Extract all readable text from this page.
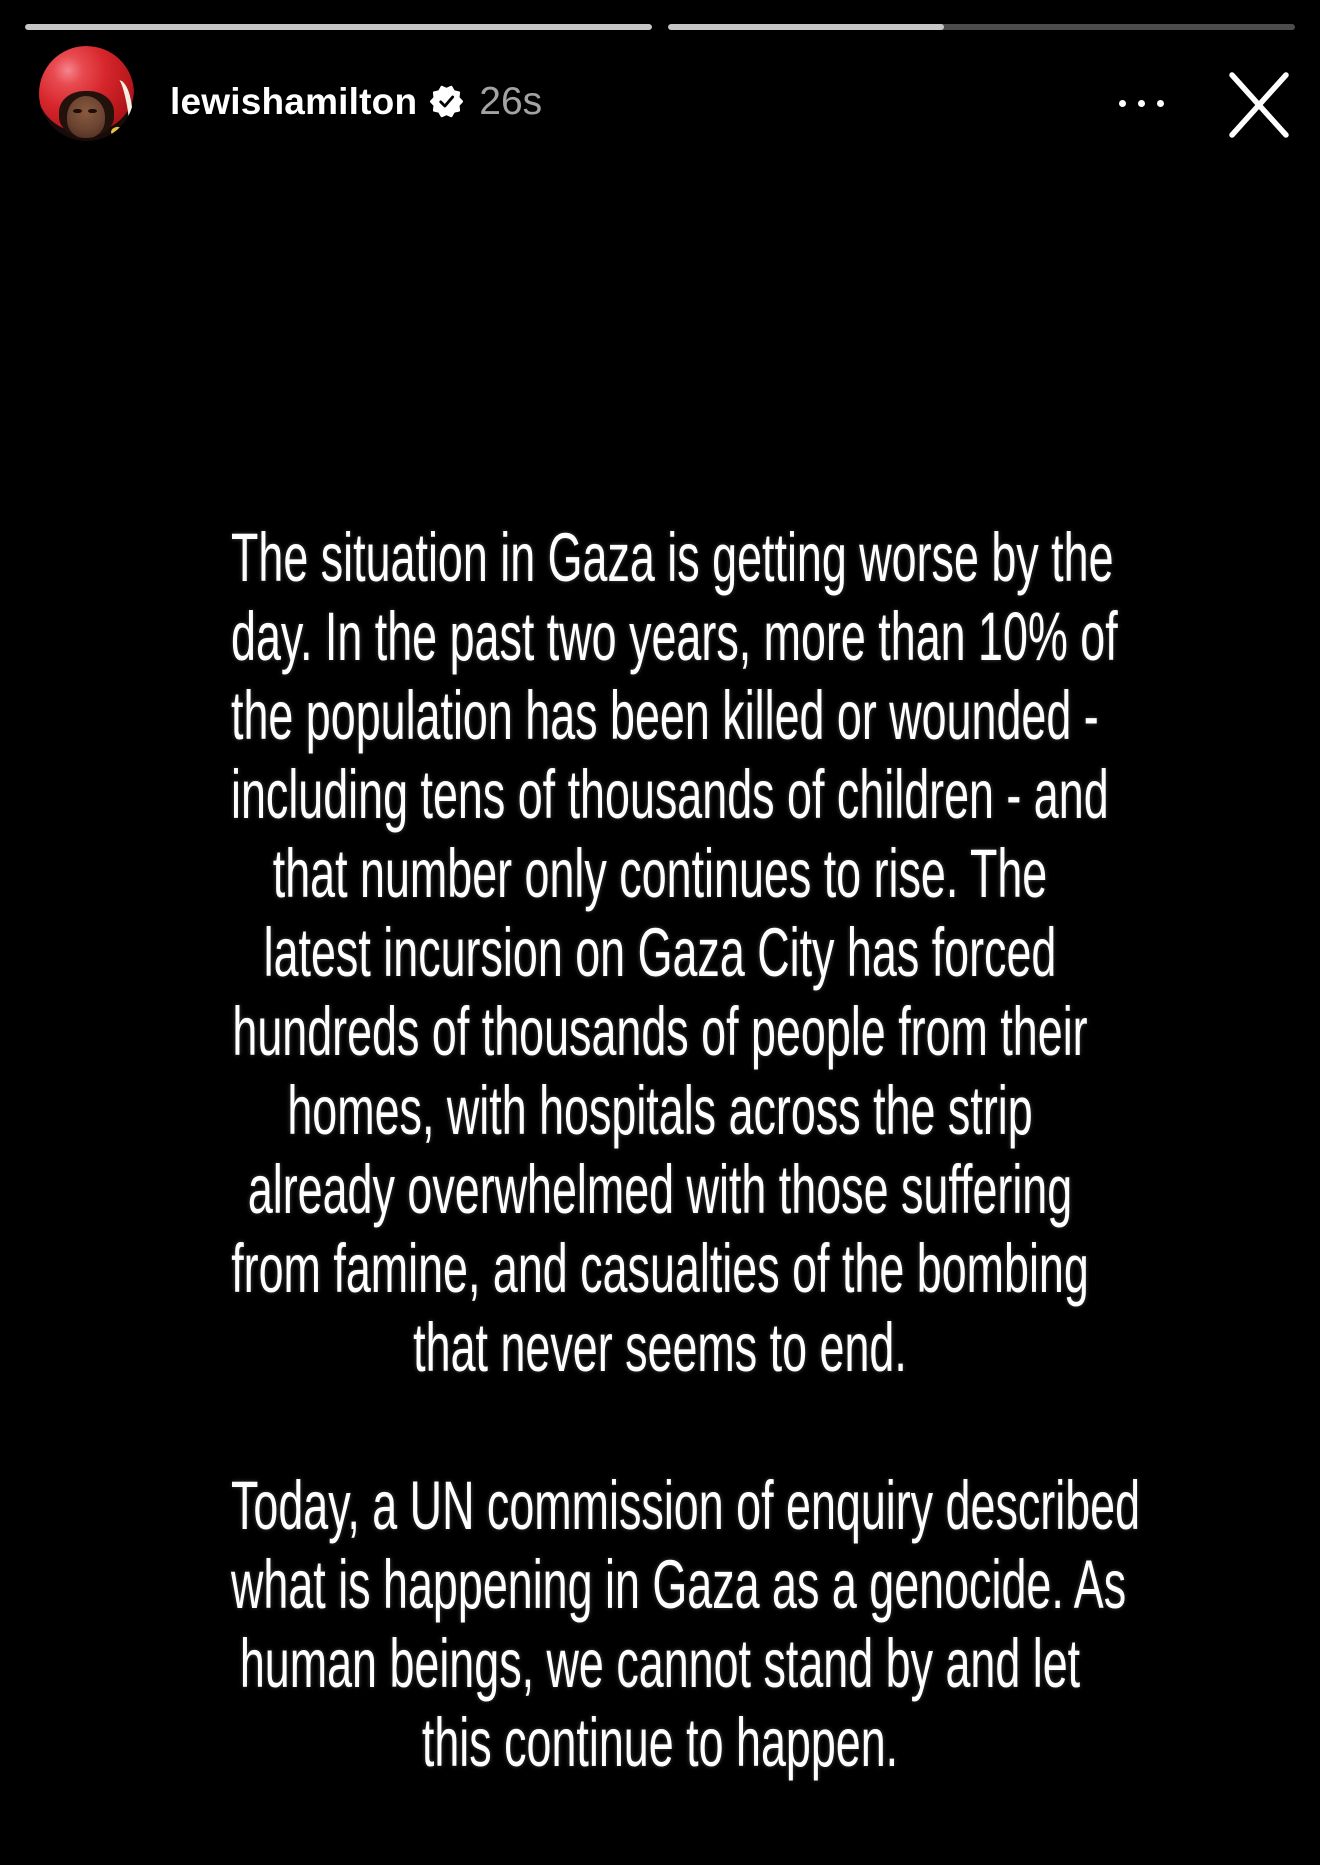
lewishamilton 26s
The situation in Gaza is getting worse by the
day. In the past two years, more than 10% of
the population has been killed or wounded -
including tens of thousands of children - and
that number only continues to rise. The
latest incursion on Gaza City has forced
hundreds of thousands of people from their
homes, with hospitals across the strip
already overwhelmed with those suffering
from famine, and casualties of the bombing
that never seems to end.

Today, a UN commission of enquiry described
what is happening in Gaza as a genocide. As
human beings, we cannot stand by and let
this continue to happen.
